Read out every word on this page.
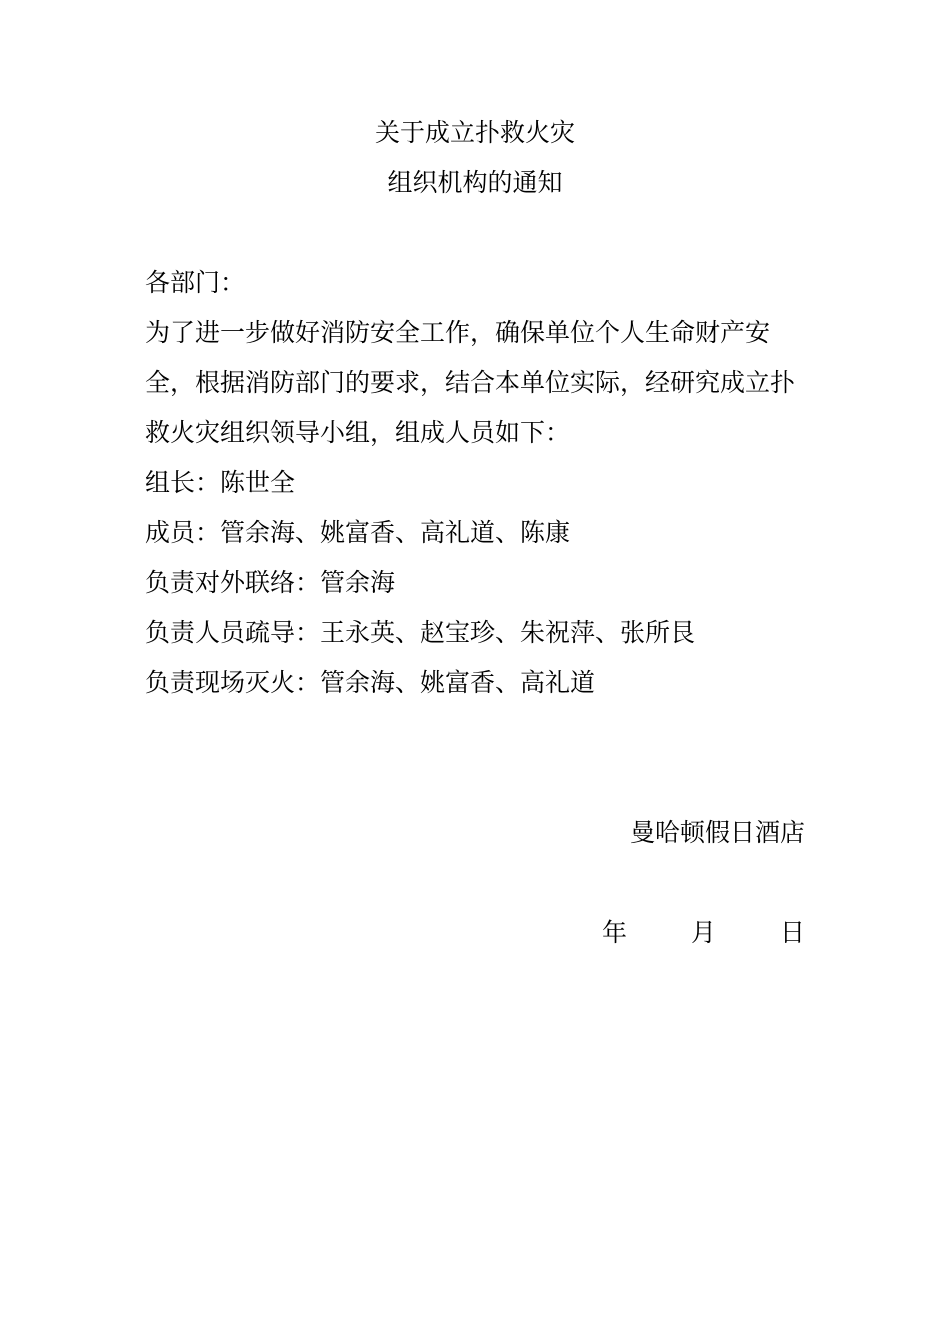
关于成立扑救火灾
组织机构的通知
各部门：
为了进一步做好消防安全工作，确保单位个人生命财产安全，根据消防部门的要求，结合本单位实际，经研究成立扑救火灾组织领导小组，组成人员如下：
组长：陈世全
成员：管余海、姚富香、高礼道、陈康
负责对外联络：管余海
负责人员疏导：王永英、赵宝珍、朱祝萍、张所艮
负责现场灭火：管余海、姚富香、高礼道
曼哈顿假日酒店
年	月	日
